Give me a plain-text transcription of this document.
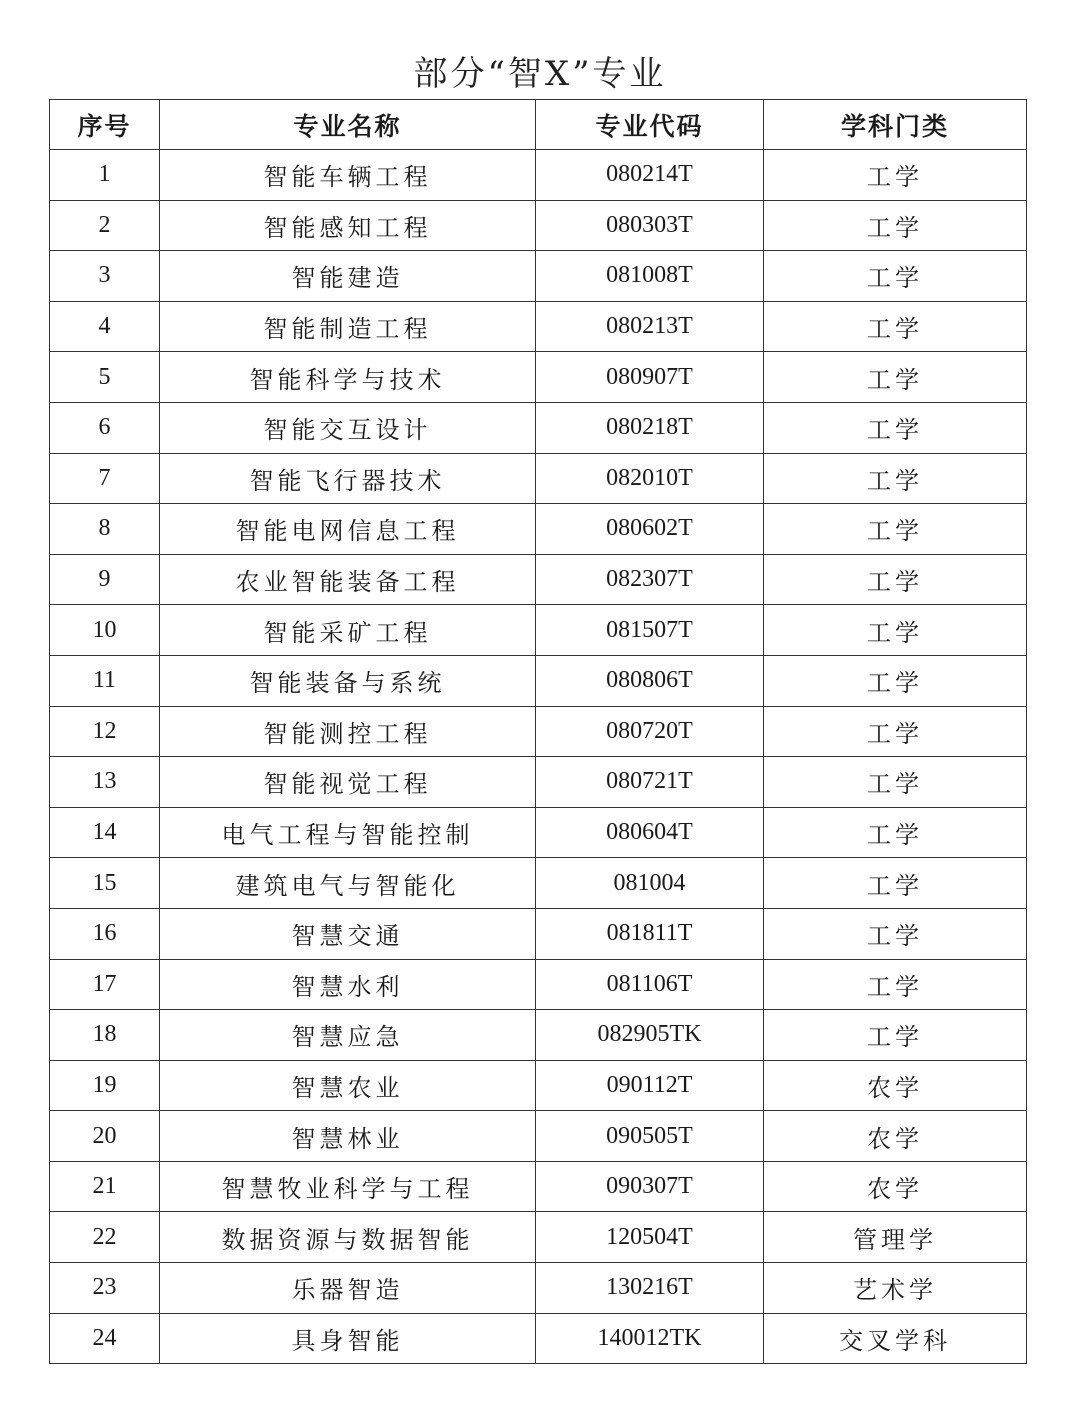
部分“智X”专业
序号	专业名称	专业代码	学科门类
1	智能车辆工程	080214T	工学
2	智能感知工程	080303T	工学
3	智能建造	081008T	工学
4	智能制造工程	080213T	工学
5	智能科学与技术	080907T	工学
6	智能交互设计	080218T	工学
7	智能飞行器技术	082010T	工学
8	智能电网信息工程	080602T	工学
9	农业智能装备工程	082307T	工学
10	智能采矿工程	081507T	工学
11	智能装备与系统	080806T	工学
12	智能测控工程	080720T	工学
13	智能视觉工程	080721T	工学
14	电气工程与智能控制	080604T	工学
15	建筑电气与智能化	081004	工学
16	智慧交通	081811T	工学
17	智慧水利	081106T	工学
18	智慧应急	082905TK	工学
19	智慧农业	090112T	农学
20	智慧林业	090505T	农学
21	智慧牧业科学与工程	090307T	农学
22	数据资源与数据智能	120504T	管理学
23	乐器智造	130216T	艺术学
24	具身智能	140012TK	交叉学科
